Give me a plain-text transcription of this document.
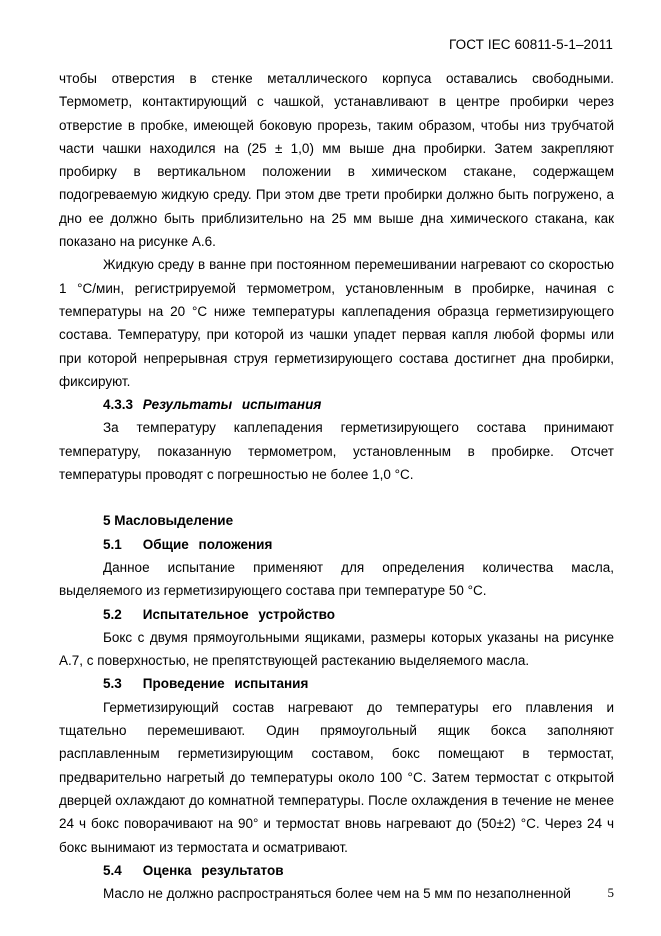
ГОСТ IEC 60811-5-1–2011

чтобы отверстия в стенке металлического корпуса оставались свободными. Термометр, контактирующий с чашкой, устанавливают в центре пробирки через отверстие в пробке, имеющей боковую прорезь, таким образом, чтобы низ трубчатой части чашки находился на (25 ± 1,0) мм выше дна пробирки. Затем закрепляют пробирку в вертикальном положении в химическом стакане, содержащем подогреваемую жидкую среду. При этом две трети пробирки должно быть погружено, а дно ее должно быть приблизительно на 25 мм выше дна химического стакана, как показано на рисунке А.6.

Жидкую среду в ванне при постоянном перемешивании нагревают со скоростью 1 °С/мин, регистрируемой термометром, установленным в пробирке, начиная с температуры на 20 °С ниже температуры каплепадения образца герметизирующего состава. Температуру, при которой из чашки упадет первая капля любой формы или при которой непрерывная струя герметизирующего состава достигнет дна пробирки, фиксируют.

4.3.3 Результаты испытания

За температуру каплепадения герметизирующего состава принимают температуру, показанную термометром, установленным в пробирке. Отсчет температуры проводят с погрешностью не более 1,0 °С.

5 Масловыделение

5.1 Общие положения

Данное испытание применяют для определения количества масла, выделяемого из герметизирующего состава при температуре 50 °С.

5.2 Испытательное устройство

Бокс с двумя прямоугольными ящиками, размеры которых указаны на рисунке А.7, с поверхностью, не препятствующей растеканию выделяемого масла.

5.3 Проведение испытания

Герметизирующий состав нагревают до температуры его плавления и тщательно перемешивают. Один прямоугольный ящик бокса заполняют расплавленным герметизирующим составом, бокс помещают в термостат, предварительно нагретый до температуры около 100 °С. Затем термостат с открытой дверцей охлаждают до комнатной температуры. После охлаждения в течение не менее 24 ч бокс поворачивают на 90° и термостат вновь нагревают до (50±2) °С. Через 24 ч бокс вынимают из термостата и осматривают.

5.4 Оценка результатов

Масло не должно распространяться более чем на 5 мм по незаполненной	5
